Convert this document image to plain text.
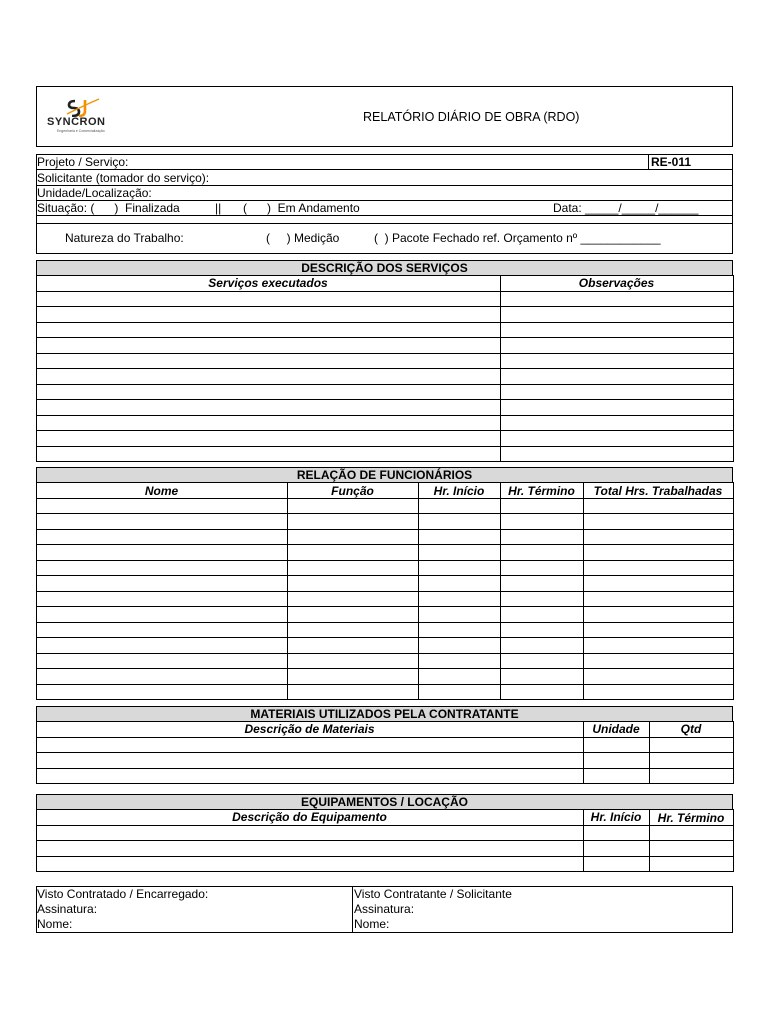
SYNCRON
Engenharia e Comercialização
RELATÓRIO DIÁRIO DE OBRA (RDO)
Projeto / Serviço:	RE-011
Solicitante (tomador do serviço):
Unidade/Localização:
Situação: (      )  Finalizada	|| (      )  Em Andamento	Data: _____/_____/______
Natureza do Trabalho:	(     ) Medição	(  ) Pacote Fechado ref. Orçamento nº ____________
DESCRIÇÃO DOS SERVIÇOS
Serviços executados	Observações

RELAÇÃO DE FUNCIONÁRIOS
Nome	Função	Hr. Início	Hr. Término	Total Hrs. Trabalhadas

MATERIAIS UTILIZADOS PELA CONTRATANTE
Descrição de Materiais	Unidade	Qtd

EQUIPAMENTOS / LOCAÇÃO
Descrição do Equipamento	Hr. Início	Hr. Término

Visto Contratado / Encarregado:
Assinatura:
Nome:
Visto Contratante / Solicitante
Assinatura:
Nome:
